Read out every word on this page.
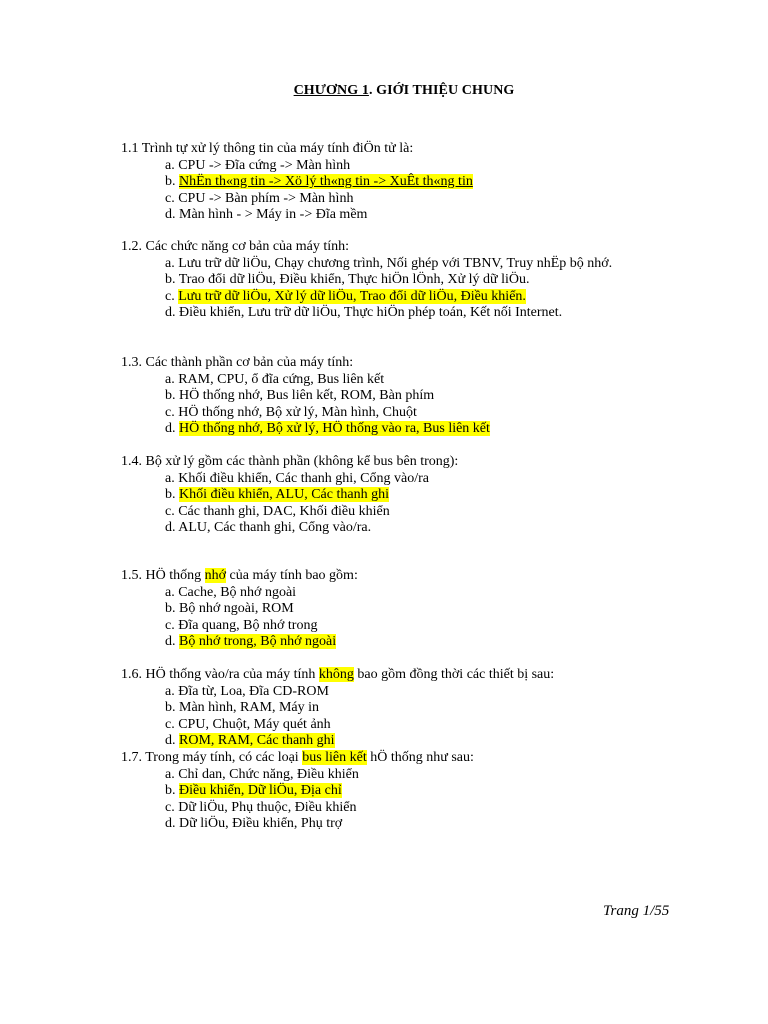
CHƯƠNG 1. GIỚI THIỆU CHUNG
1.1 Trình tự xử lý thông tin của máy tính điÖn tử là:
a. CPU -> Đĩa cứng -> Màn hình
b. NhËn th«ng tin -> Xö lý th«ng tin -> XuÊt th«ng tin
c. CPU -> Bàn phím -> Màn hình
d. Màn hình - > Máy in -> Đĩa mềm
1.2. Các chức năng cơ bản của máy tính:
a. Lưu trữ dữ liÖu, Chạy chương trình, Nối ghép với TBNV, Truy nhËp bộ nhớ.
b. Trao đổi dữ liÖu, Điều khiển, Thực hiÖn lÖnh, Xử lý dữ liÖu.
c. Lưu trữ dữ liÖu, Xử lý dữ liÖu, Trao đổi dữ liÖu, Điều khiển.
d. Điều khiển, Lưu trữ dữ liÖu, Thực hiÖn phép toán, Kết nối Internet.
1.3. Các thành phần cơ bản của máy tính:
a. RAM, CPU, ổ đĩa cứng, Bus liên kết
b. HÖ thống nhớ, Bus liên kết, ROM, Bàn phím
c. HÖ thống nhớ, Bộ xử lý, Màn hình, Chuột
d. HÖ thống nhớ, Bộ xử lý, HÖ thống vào ra, Bus liên kết
1.4. Bộ xử lý gồm các thành phần (không kể bus bên trong):
a. Khối điều khiển, Các thanh ghi, Cổng vào/ra
b. Khối điều khiển, ALU, Các thanh ghi
c. Các thanh ghi, DAC, Khối điều khiển
d. ALU, Các thanh ghi, Cổng vào/ra.
1.5. HÖ thống nhớ của máy tính bao gồm:
a. Cache, Bộ nhớ ngoài
b. Bộ nhớ ngoài, ROM
c. Đĩa quang, Bộ nhớ trong
d. Bộ nhớ trong, Bộ nhớ ngoài
1.6. HÖ thống vào/ra của máy tính không bao gồm đồng thời các thiết bị sau:
a. Đĩa từ, Loa, Đĩa CD-ROM
b. Màn hình, RAM, Máy in
c. CPU, Chuột, Máy quét ảnh
d. ROM, RAM, Các thanh ghi
1.7. Trong máy tính, có các loại bus liên kết hÖ thống như sau:
a. Chỉ dan, Chức năng, Điều khiển
b. Điều khiển, Dữ liÖu, Địa chỉ
c. Dữ liÖu, Phụ thuộc, Điều khiển
d. Dữ liÖu, Điều khiển, Phụ trợ
Trang 1/55
